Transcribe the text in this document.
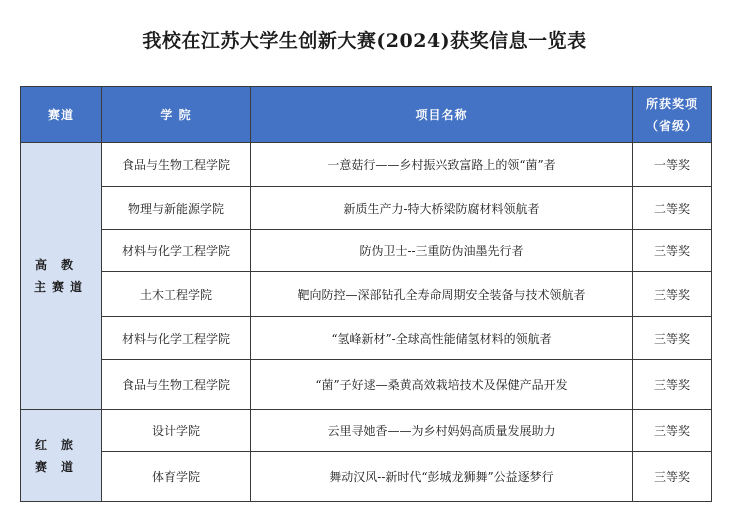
我校在江苏大学生创新大赛(2024)获奖信息一览表
赛道	学 院	项目名称	所获奖项
（省级）

高教
主赛道	食品与生物工程学院	一意菇行——乡村振兴致富路上的领“菌”者	一等奖
	物理与新能源学院	新质生产力-特大桥梁防腐材料领航者	二等奖
	材料与化学工程学院	防伪卫士--三重防伪油墨先行者	三等奖
	土木工程学院	靶向防控—深部钻孔全寿命周期安全装备与技术领航者	三等奖
	材料与化学工程学院	“氢峰新材”-全球高性能储氢材料的领航者	三等奖
	食品与生物工程学院	“菌”子好逑—桑黄高效栽培技术及保健产品开发	三等奖

红旅
赛道	设计学院	云里寻她香——为乡村妈妈高质量发展助力	三等奖
	体育学院	舞动汉风--新时代“彭城龙狮舞”公益逐梦行	三等奖
